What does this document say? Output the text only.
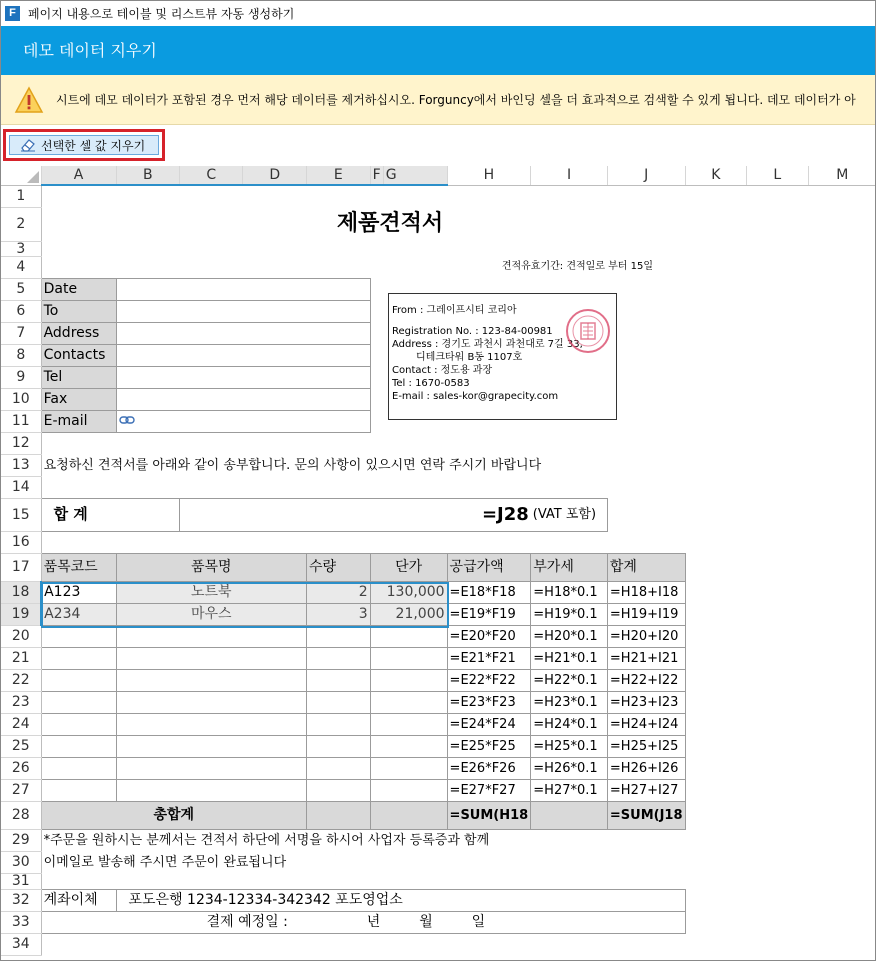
F	페이지 내용으로 테이블 및 리스트뷰 자동 생성하기
데모 데이터 지우기
시트에 데모 데이터가 포함된 경우 먼저 해당 데이터를 제거하십시오. Forguncy에서 바인딩 셀을 더 효과적으로 검색할 수 있게 됩니다. 데모 데이터가 아
선택한 셀 값 지우기
	A	B	C	D	E	F	G	H	I	J	K	L	M
1													
2	제품견적서												
3													
4								견적유효기간: 견적일로 부터 15일					
5	Date												
6	To												
7	Address												
8	Contacts												
9	Tel												
10	Fax												
11	E-mail		
12													
13	요청하신 견적서를 아래와 같이 송부합니다. 문의 사항이 있으시면 연락 주시기 바랍니다												
14													
15	합 계		=J28						(VAT 포함)				
16													
17	품목코드	품목명			수량	단가		공급가액	부가세	합계			
18	A123	노트북			2	130,000		=E18*F18	=H18*0.1	=H18+I18			
19	A234	마우스			3	21,000		=E19*F19	=H19*0.1	=H19+I19			
20								=E20*F20	=H20*0.1	=H20+I20			
21								=E21*F21	=H21*0.1	=H21+I21			
22								=E22*F22	=H22*0.1	=H22+I22			
23								=E23*F23	=H23*0.1	=H23+I23			
24								=E24*F24	=H24*0.1	=H24+I24			
25								=E25*F25	=H25*0.1	=H25+I25			
26								=E26*F26	=H26*0.1	=H26+I26			
27								=E27*F27	=H27*0.1	=H27+I27			
28	총합계							=SUM(H18		=SUM(J18			
29	*주문을 원하시는 분께서는 견적서 하단에 서명을 하시어 사업자 등록증과 함께												
30	이메일로 발송해 주시면 주문이 완료됩니다												
31													
32	계좌이체	포도은행 1234-12334-342342 포도영업소											
33	결제 예정일 : 년 월 일												
34													
From : 그레이프시티 코리아
Registration No. : 123-84-00981
Address : 경기도 과천시 과천대로 7길 33,
디테크타워 B동 1107호
Contact : 정도용 과장
Tel : 1670-0583
E-mail : sales-kor@grapecity.com
